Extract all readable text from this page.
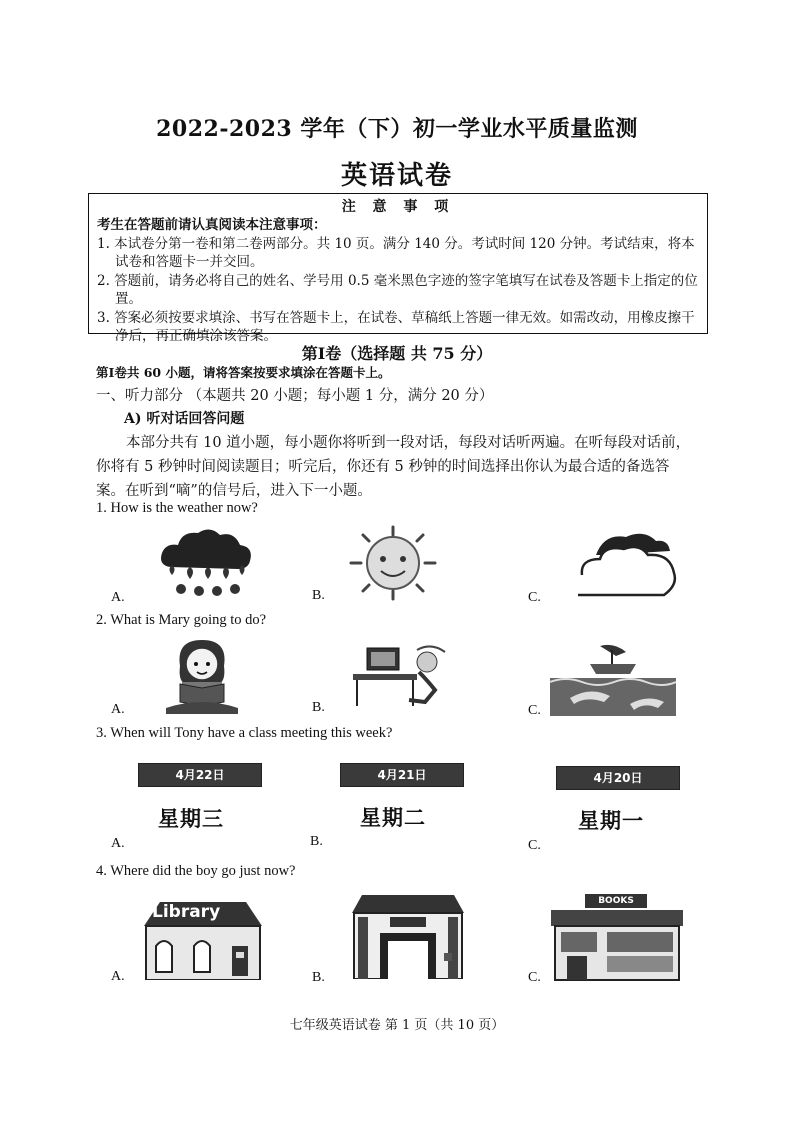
2022-2023 学年（下）初一学业水平质量监测
英语试卷
注 意 事 项

考生在答题前请认真阅读本注意事项：

1. 本试卷分第一卷和第二卷两部分。共 10 页。满分 140 分。考试时间 120 分钟。考试结束，将本试卷和答题卡一并交回。

2. 答题前，请务必将自己的姓名、学号用 0.5 毫米黑色字迹的签字笔填写在试卷及答题卡上指定的位置。

3. 答案必须按要求填涂、书写在答题卡上，在试卷、草稿纸上答题一律无效。如需改动，用橡皮擦干净后，再正确填涂该答案。

第Ⅰ卷（选择题 共 75 分）
第Ⅰ卷共 60 小题，请将答案按要求填涂在答题卡上。
一、听力部分 （本题共 20 小题；每小题 1 分，满分 20 分）
A) 听对话回答问题
本部分共有 10 道小题，每小题你将听到一段对话，每段对话听两遍。在听每段对话前，
你将有 5 秒钟时间阅读题目；听完后，你还有 5 秒钟的时间选择出你认为最合适的备选答
案。在听到“嘀”的信号后，进入下一小题。
1. How is the weather now?
A.	B.	C.
2. What is Mary going to do?
A.	B.	C.
3. When will Tony have a class meeting this week?
4月22日	4月21日	4月20日
星期三	星期二	星期一
A.	B.	C.
4. Where did the boy go just now?
Library
BOOKS
A.	B.	C.
七年级英语试卷 第 1 页（共 10 页）
